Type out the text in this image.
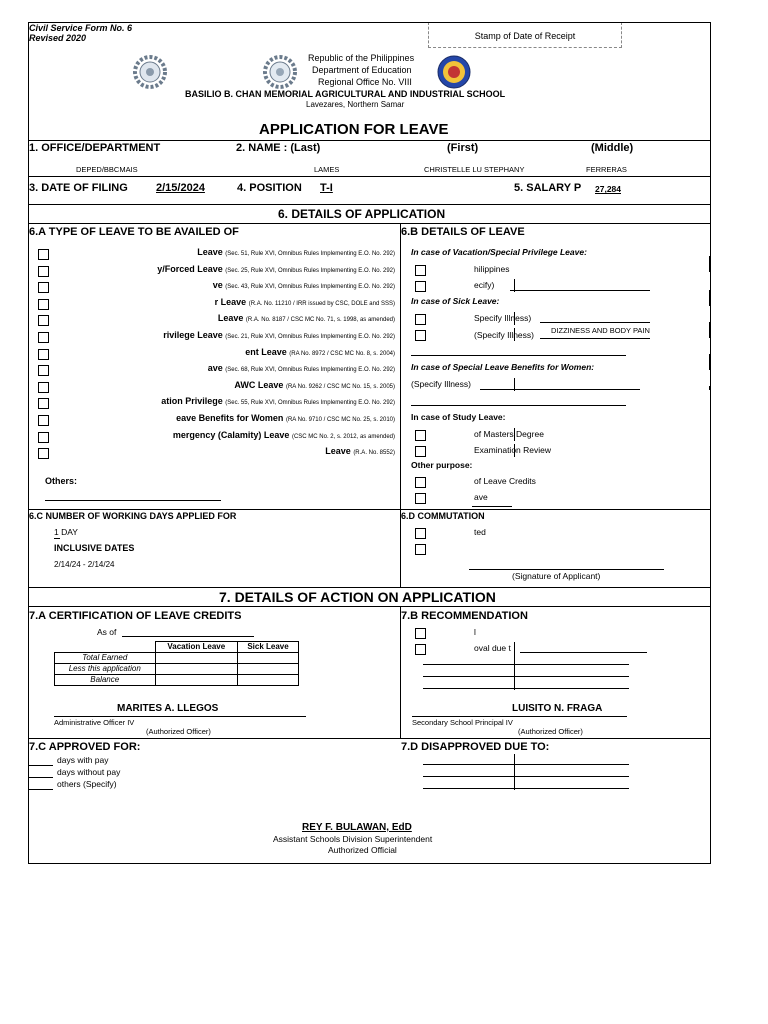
Stamp of Date of Receipt
Civil Service Form No. 6
Revised 2020
Republic of the Philippines
Department of Education
Regional Office No. VIII
BASILIO B. CHAN MEMORIAL AGRICULTURAL AND INDUSTRIAL SCHOOL
Lavezares, Northern Samar
APPLICATION FOR LEAVE
1. OFFICE/DEPARTMENT	2. NAME : (Last)	(First)	(Middle)
DEPED/BBCMAIS	LAMES	CHRISTELLE LU STEPHANY	FERRERAS
3. DATE OF FILING	2/15/2024	4. POSITION T-I	5. SALARY P 27,284
6. DETAILS OF APPLICATION
6.A TYPE OF LEAVE TO BE AVAILED OF
Leave (Sec. 51, Rule XVI, Omnibus Rules Implementing E.O. No. 292)
y/Forced Leave (Sec. 25, Rule XVI, Omnibus Rules Implementing E.O. No. 292)
ve (Sec. 43, Rule XVI, Omnibus Rules Implementing E.O. No. 292)
r Leave (R.A. No. 11210 / IRR issued by CSC, DOLE and SSS)
Leave (R.A. No. 8187 / CSC MC No. 71, s. 1998, as amended)
rivilege Leave (Sec. 21, Rule XVI, Omnibus Rules Implementing E.O. No. 292)
ent Leave (RA No. 8972 / CSC MC No. 8, s. 2004)
ave (Sec. 68, Rule XVI, Omnibus Rules Implementing E.O. No. 292)
AWC Leave (RA No. 9262 / CSC MC No. 15, s. 2005)
ation Privilege (Sec. 55, Rule XVI, Omnibus Rules Implementing E.O. No. 292)
eave Benefits for Women (RA No. 9710 / CSC MC No. 25, s. 2010)
mergency (Calamity) Leave (CSC MC No. 2, s. 2012, as amended)
Leave (R.A. No. 8552)
Others:
6.B DETAILS OF LEAVE
In case of Vacation/Special Privilege Leave:
hilippines
ecify)
In case of Sick Leave:
Specify Illness)
(Specify Illness) DIZZINESS AND BODY PAIN
In case of Special Leave Benefits for Women:
(Specify Illness)
In case of Study Leave:
of Masters Degree
Examination Review
Other purpose:
of Leave Credits
ave
6.C NUMBER OF WORKING DAYS APPLIED FOR
1 DAY
INCLUSIVE DATES
2/14/24 - 2/14/24
6.D COMMUTATION
ted
(Signature of Applicant)
7. DETAILS OF ACTION ON APPLICATION
7.A CERTIFICATION OF LEAVE CREDITS
As of
	Vacation Leave	Sick Leave
Total Earned		
Less this application		
Balance		
MARITES A. LLEGOS
Administrative Officer IV
(Authorized Officer)
7.B RECOMMENDATION
l
oval due t
LUISITO N. FRAGA
Secondary School Principal IV
(Authorized Officer)
7.C APPROVED FOR:
days with pay
days without pay
others (Specify)
7.D DISAPPROVED DUE TO:
REY F. BULAWAN, EdD
Assistant Schools Division Superintendent
Authorized Official
